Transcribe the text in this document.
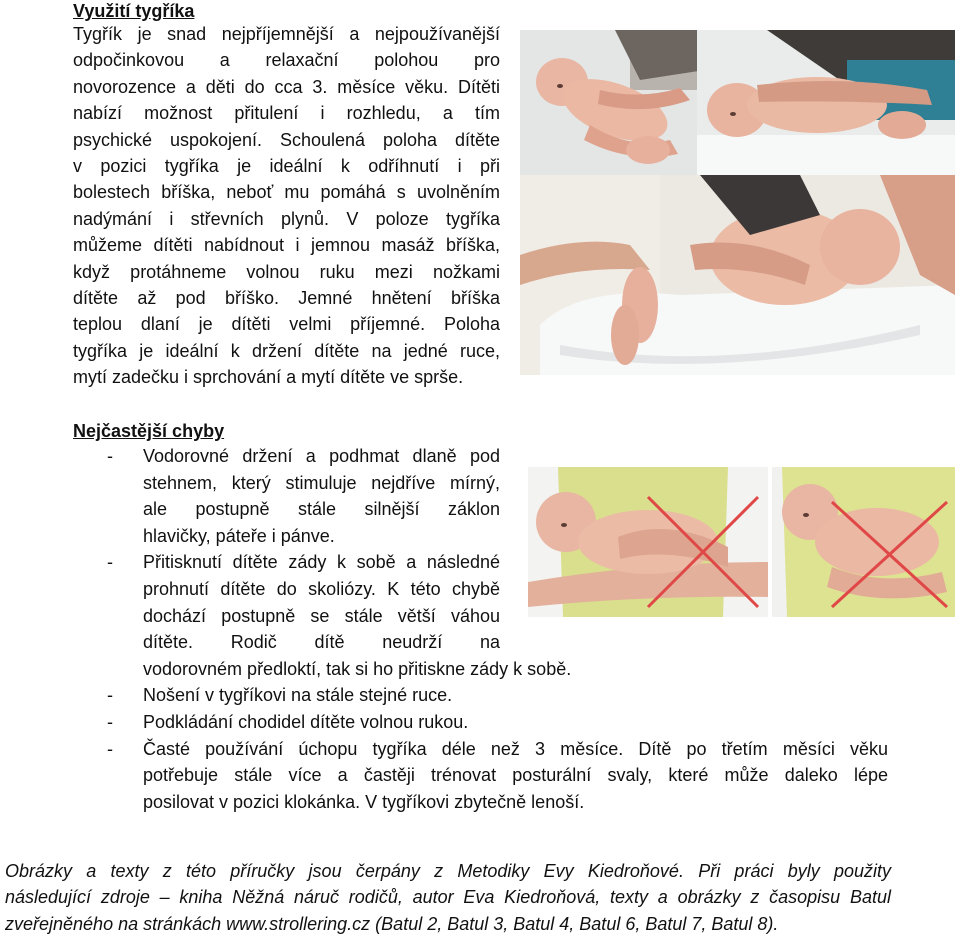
Využití tygříka
Tygřík je snad nejpříjemnější a nejpoužívanější
odpočinkovou a relaxační polohou pro
novorozence a děti do cca 3. měsíce věku. Dítěti
nabízí možnost přitulení i rozhledu, a tím
psychické uspokojení. Schoulená poloha dítěte
v pozici tygříka je ideální k odříhnutí i při
bolestech bříška, neboť mu pomáhá s uvolněním
nadýmání i střevních plynů. V poloze tygříka
můžeme dítěti nabídnout i jemnou masáž bříška,
když protáhneme volnou ruku mezi nožkami
dítěte až pod bříško. Jemné hnětení bříška
teplou dlaní je dítěti velmi příjemné. Poloha
tygříka je ideální k držení dítěte na jedné ruce,
mytí zadečku i sprchování a mytí dítěte ve sprše.
Nejčastější chyby
- Vodorovné držení a podhmat dlaně pod
stehnem, který stimuluje nejdříve mírný,
ale postupně stále silnější záklon
hlavičky, páteře i pánve.
- Přitisknutí dítěte zády k sobě a následné
prohnutí dítěte do skoliózy. K této chybě
dochází postupně se stále větší váhou
dítěte. Rodič dítě neudrží na
vodorovném předloktí, tak si ho přitiskne zády k sobě.
- Nošení v tygříkovi na stále stejné ruce.
- Podkládání chodidel dítěte volnou rukou.
- Časté používání úchopu tygříka déle než 3 měsíce. Dítě po třetím měsíci věku
potřebuje stále více a častěji trénovat posturální svaly, které může daleko lépe
posilovat v pozici klokánka. V tygříkovi zbytečně lenoší.
Obrázky a texty z této příručky jsou čerpány z Metodiky Evy Kiedroňové. Při práci byly použity
následující zdroje – kniha Něžná náruč rodičů, autor Eva Kiedroňová, texty a obrázky z časopisu Batul
zveřejněného na stránkách www.strollering.cz (Batul 2, Batul 3, Batul 4, Batul 6, Batul 7, Batul 8).
